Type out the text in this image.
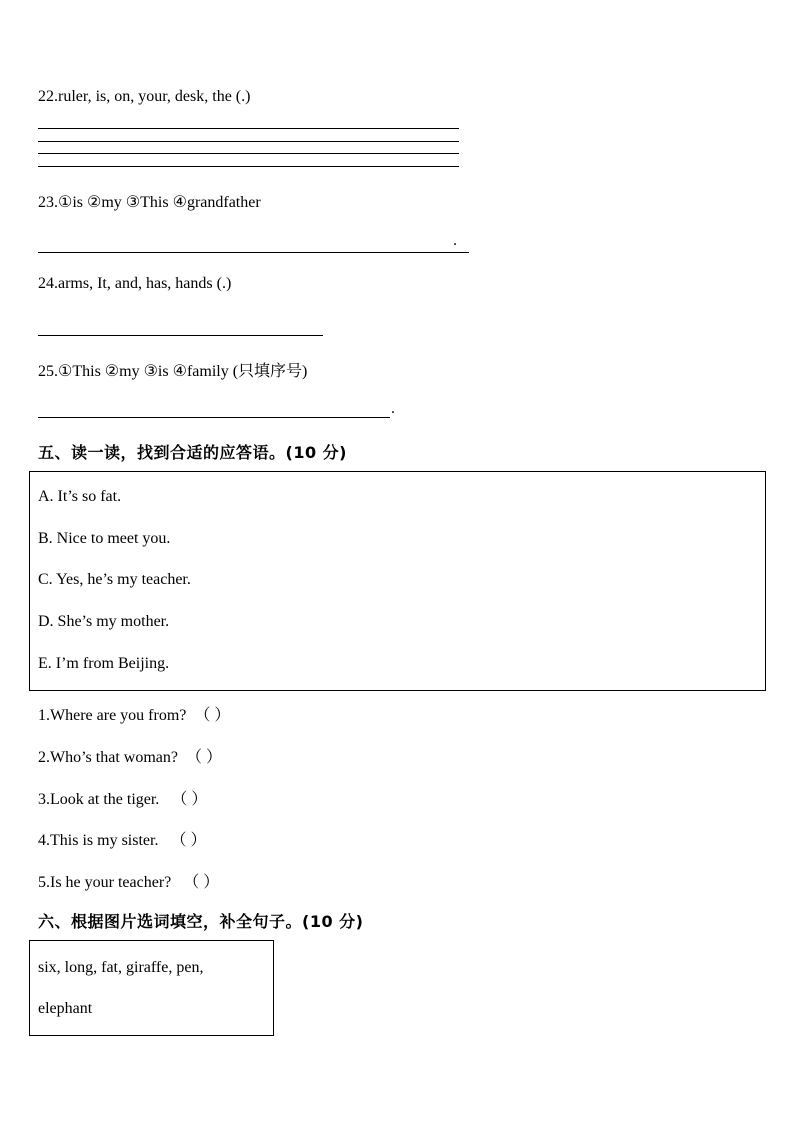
22.ruler, is, on, your, desk, the (.)
23.①is ②my ③This ④grandfather
.
24.arms, It, and, has, hands (.)
25.①This ②my ③is ④family (只填序号)
.
五、读一读，找到合适的应答语。(10 分)
A. It’s so fat.
B. Nice to meet you.
C. Yes, he’s my teacher.
D. She’s my mother.
E. I’m from Beijing.
1.Where are you from? （ ）
2.Who’s that woman? （ ）
3.Look at the tiger. （ ）
4.This is my sister. （ ）
5.Is he your teacher? （ ）
六、根据图片选词填空，补全句子。(10 分)
six, long, fat, giraffe, pen,
elephant
